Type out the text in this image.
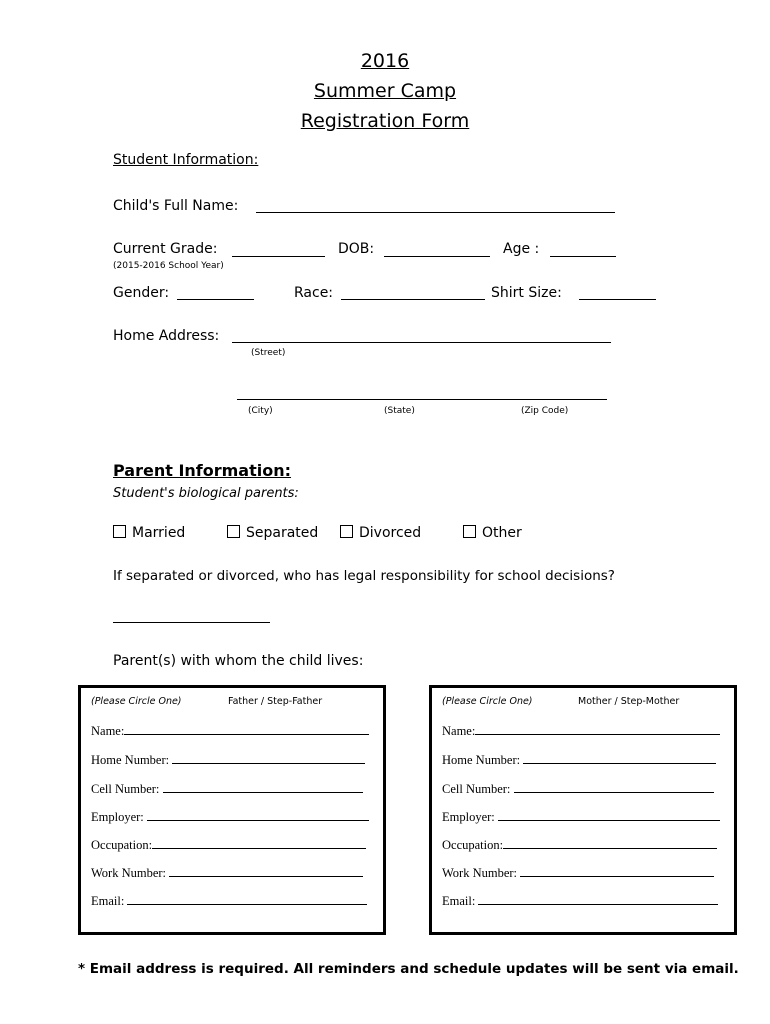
2016
Summer Camp
Registration Form
Student Information:
Child's Full Name:
Current Grade:	DOB:	Age :
(2015-2016 School Year)
Gender:	Race:	Shirt Size:
Home Address:
(Street)
(City)	(State)	(Zip Code)
Parent Information:
Student's biological parents:
Married	Separated	Divorced	Other
If separated or divorced, who has legal responsibility for school decisions?
Parent(s) with whom the child lives:
(Please Circle One)	Father / Step-Father
Name:
Home Number:
Cell Number:
Employer:
Occupation:
Work Number:
Email:
(Please Circle One)	Mother / Step-Mother
Name:
Home Number:
Cell Number:
Employer:
Occupation:
Work Number:
Email:
* Email address is required. All reminders and schedule updates will be sent via email.
